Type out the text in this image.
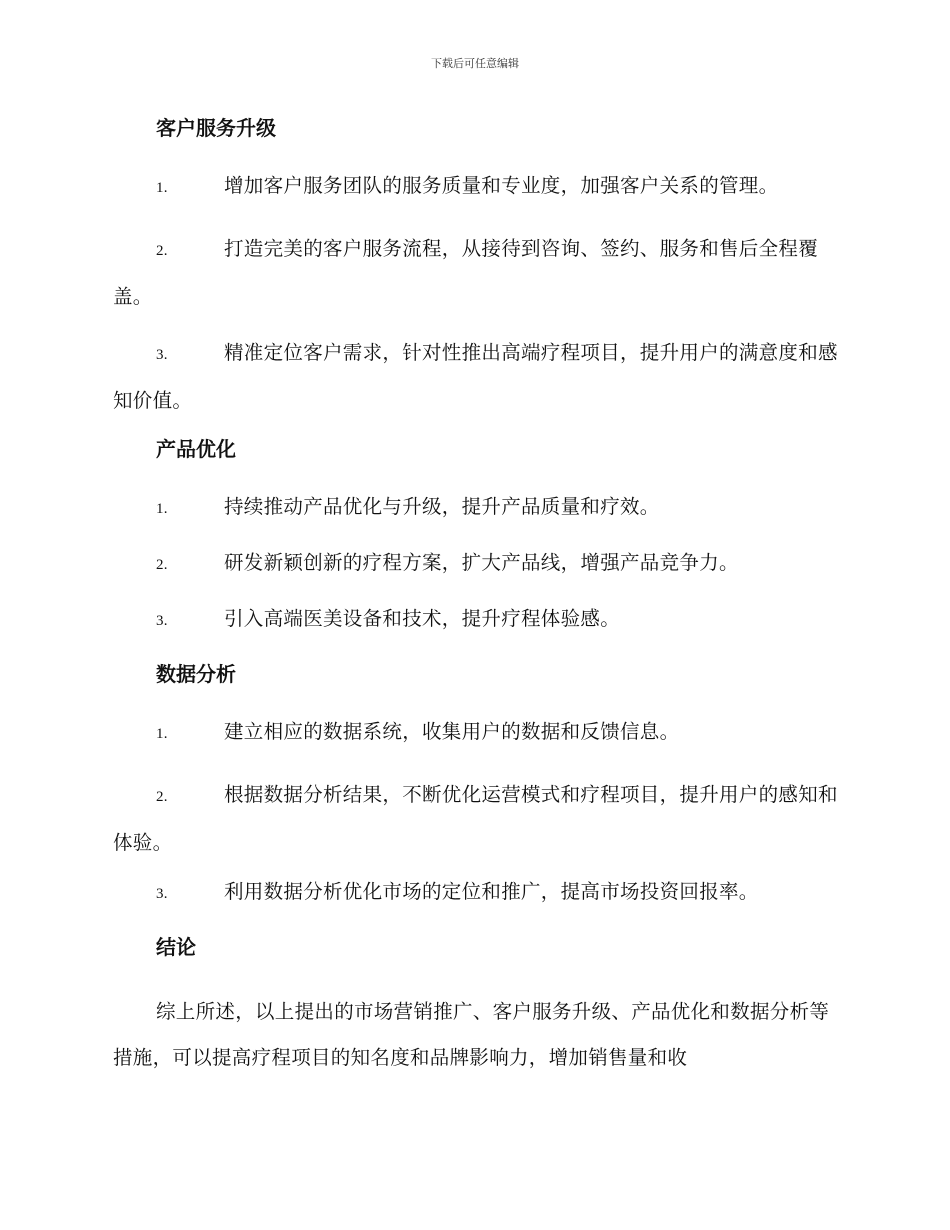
下载后可任意编辑
客户服务升级

1.	增加客户服务团队的服务质量和专业度，加强客户关系的管理。

2.	打造完美的客户服务流程，从接待到咨询、签约、服务和售后全程覆盖。

3.	精准定位客户需求，针对性推出高端疗程项目，提升用户的满意度和感知价值。

产品优化

1.	持续推动产品优化与升级，提升产品质量和疗效。

2.	研发新颖创新的疗程方案，扩大产品线，增强产品竞争力。

3.	引入高端医美设备和技术，提升疗程体验感。

数据分析

1.	建立相应的数据系统，收集用户的数据和反馈信息。

2.	根据数据分析结果，不断优化运营模式和疗程项目，提升用户的感知和体验。

3.	利用数据分析优化市场的定位和推广，提高市场投资回报率。

结论

综上所述，以上提出的市场营销推广、客户服务升级、产品优化和数据分析等措施，可以提高疗程项目的知名度和品牌影响力，增加销售量和收
